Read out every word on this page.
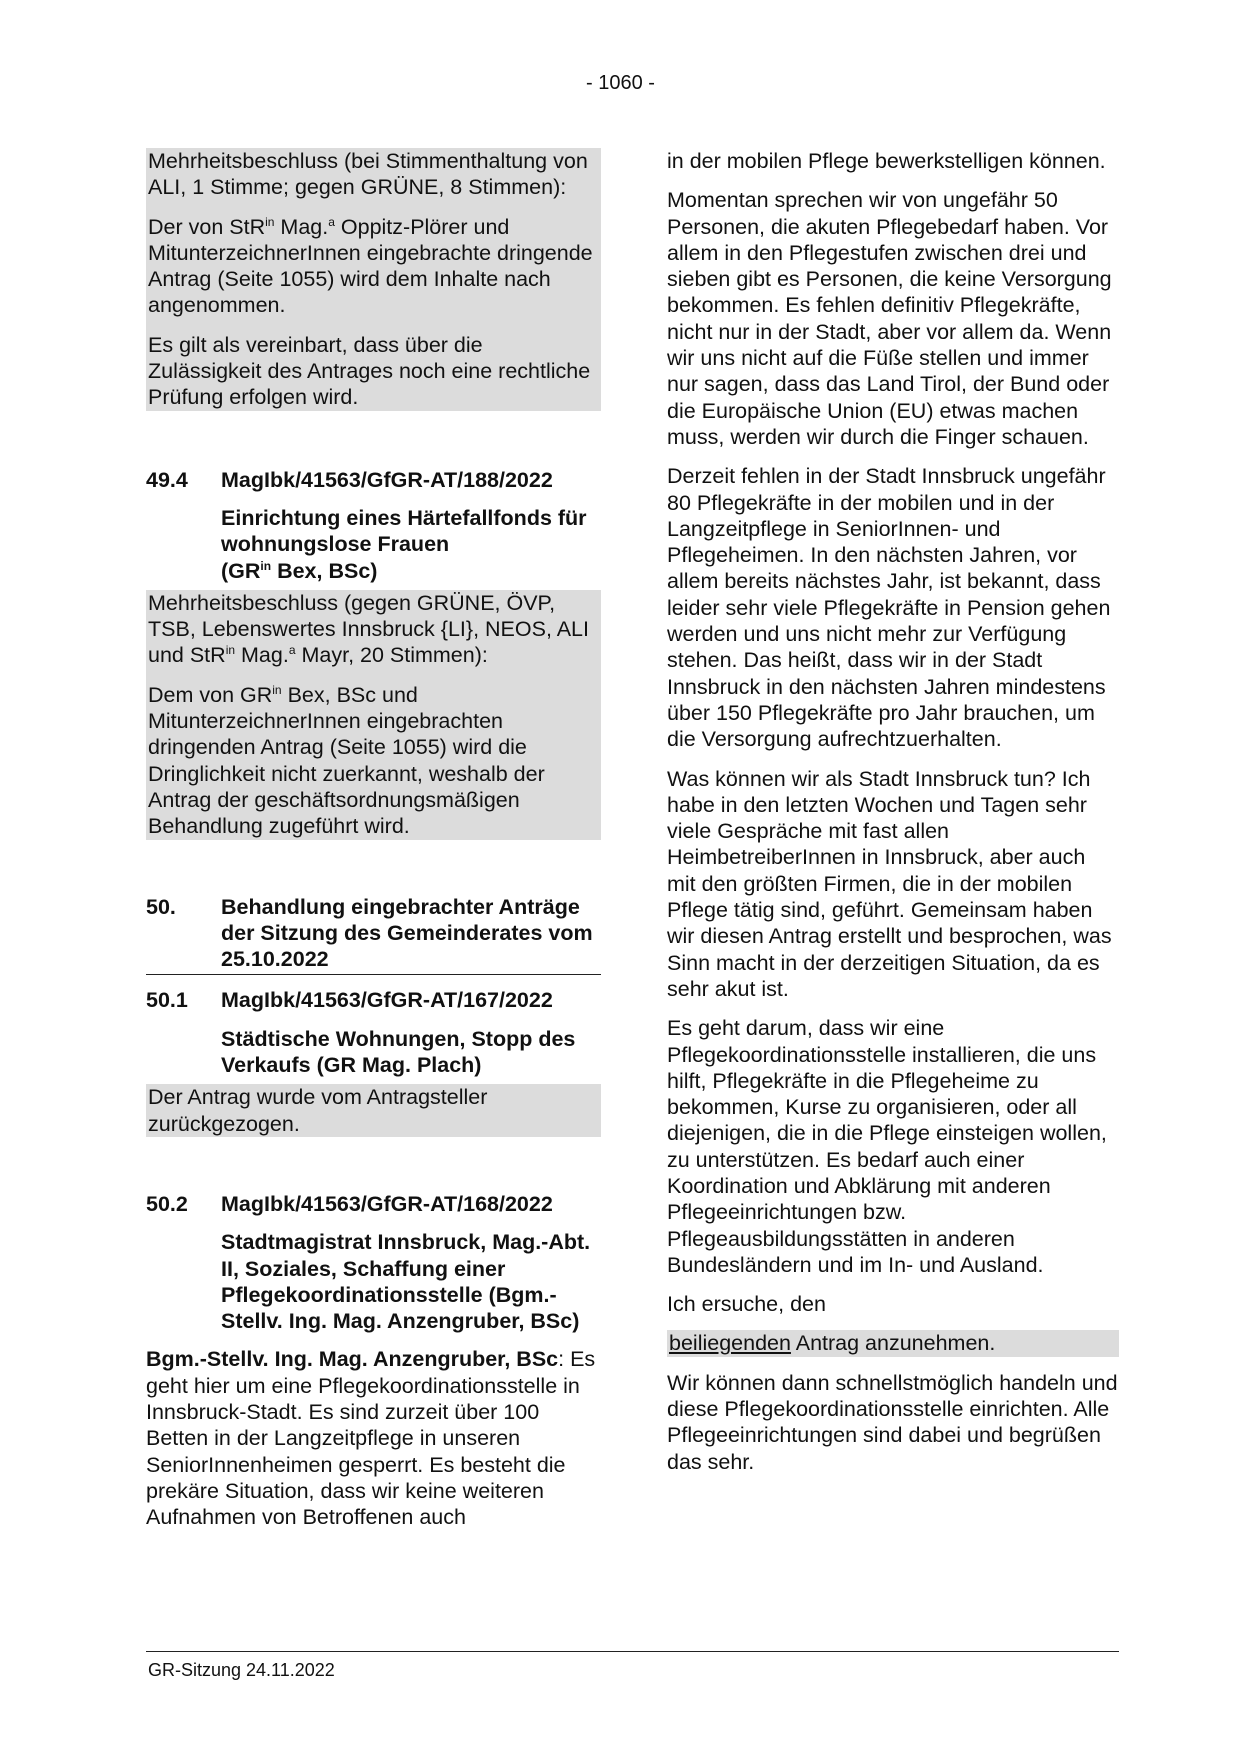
- 1060 -

Mehrheitsbeschluss (bei Stimmenthaltung von ALI, 1 Stimme; gegen GRÜNE, 8 Stimmen):

Der von StR$^{in}$ Mag.$^a$ Oppitz-Plörer und MitunterzeichnerInnen eingebrachte dringende Antrag (Seite 1055) wird dem Inhalte nach angenommen.

Es gilt als vereinbart, dass über die Zulässigkeit des Antrages noch eine rechtliche Prüfung erfolgen wird.

49.4	MagIbk/41563/GfGR-AT/188/2022
Einrichtung eines Härtefallfonds für wohnungslose Frauen
($GR^{in}$ Bex, BSc)

Mehrheitsbeschluss (gegen GRÜNE, ÖVP, TSB, Lebenswertes Innsbruck {LI}, NEOS, ALI und StR$^{in}$ Mag.$^a$ Mayr, 20 Stimmen):

Dem von $GR^{in}$ Bex, BSc und MitunterzeichnerInnen eingebrachten dringenden Antrag (Seite 1055) wird die Dringlichkeit nicht zuerkannt, weshalb der Antrag der geschäftsordnungsmäßigen Behandlung zugeführt wird.

50.	Behandlung eingebrachter Anträge der Sitzung des Gemeinderates vom 25.10.2022
50.1	MagIbk/41563/GfGR-AT/167/2022
Städtische Wohnungen, Stopp des Verkaufs (GR Mag. Plach)

Der Antrag wurde vom Antragsteller zurückgezogen.

50.2	MagIbk/41563/GfGR-AT/168/2022
Stadtmagistrat Innsbruck, Mag.-Abt. II, Soziales, Schaffung einer Pflegekoordinationsstelle (Bgm.-Stellv. Ing. Mag. Anzengruber, BSc)

Bgm.-Stellv. Ing. Mag. Anzengruber, BSc: Es geht hier um eine Pflegekoordinationsstelle in Innsbruck-Stadt. Es sind zurzeit über 100 Betten in der Langzeitpflege in unseren SeniorInnenheimen gesperrt. Es besteht die prekäre Situation, dass wir keine weiteren Aufnahmen von Betroffenen auch

in der mobilen Pflege bewerkstelligen können.

Momentan sprechen wir von ungefähr 50 Personen, die akuten Pflegebedarf haben. Vor allem in den Pflegestufen zwischen drei und sieben gibt es Personen, die keine Versorgung bekommen. Es fehlen definitiv Pflegekräfte, nicht nur in der Stadt, aber vor allem da. Wenn wir uns nicht auf die Füße stellen und immer nur sagen, dass das Land Tirol, der Bund oder die Europäische Union (EU) etwas machen muss, werden wir durch die Finger schauen.

Derzeit fehlen in der Stadt Innsbruck ungefähr 80 Pflegekräfte in der mobilen und in der Langzeitpflege in SeniorInnen- und Pflegeheimen. In den nächsten Jahren, vor allem bereits nächstes Jahr, ist bekannt, dass leider sehr viele Pflegekräfte in Pension gehen werden und uns nicht mehr zur Verfügung stehen. Das heißt, dass wir in der Stadt Innsbruck in den nächsten Jahren mindestens über 150 Pflegekräfte pro Jahr brauchen, um die Versorgung aufrechtzuerhalten.

Was können wir als Stadt Innsbruck tun? Ich habe in den letzten Wochen und Tagen sehr viele Gespräche mit fast allen HeimbetreiberInnen in Innsbruck, aber auch mit den größten Firmen, die in der mobilen Pflege tätig sind, geführt. Gemeinsam haben wir diesen Antrag erstellt und besprochen, was Sinn macht in der derzeitigen Situation, da es sehr akut ist.

Es geht darum, dass wir eine Pflegekoordinationsstelle installieren, die uns hilft, Pflegekräfte in die Pflegeheime zu bekommen, Kurse zu organisieren, oder all diejenigen, die in die Pflege einsteigen wollen, zu unterstützen. Es bedarf auch einer Koordination und Abklärung mit anderen Pflegeeinrichtungen bzw. Pflegeausbildungsstätten in anderen Bundesländern und im In- und Ausland.

Ich ersuche, den

beiliegenden Antrag anzunehmen.

Wir können dann schnellstmöglich handeln und diese Pflegekoordinationsstelle einrichten. Alle Pflegeeinrichtungen sind dabei und begrüßen das sehr.

GR-Sitzung 24.11.2022
